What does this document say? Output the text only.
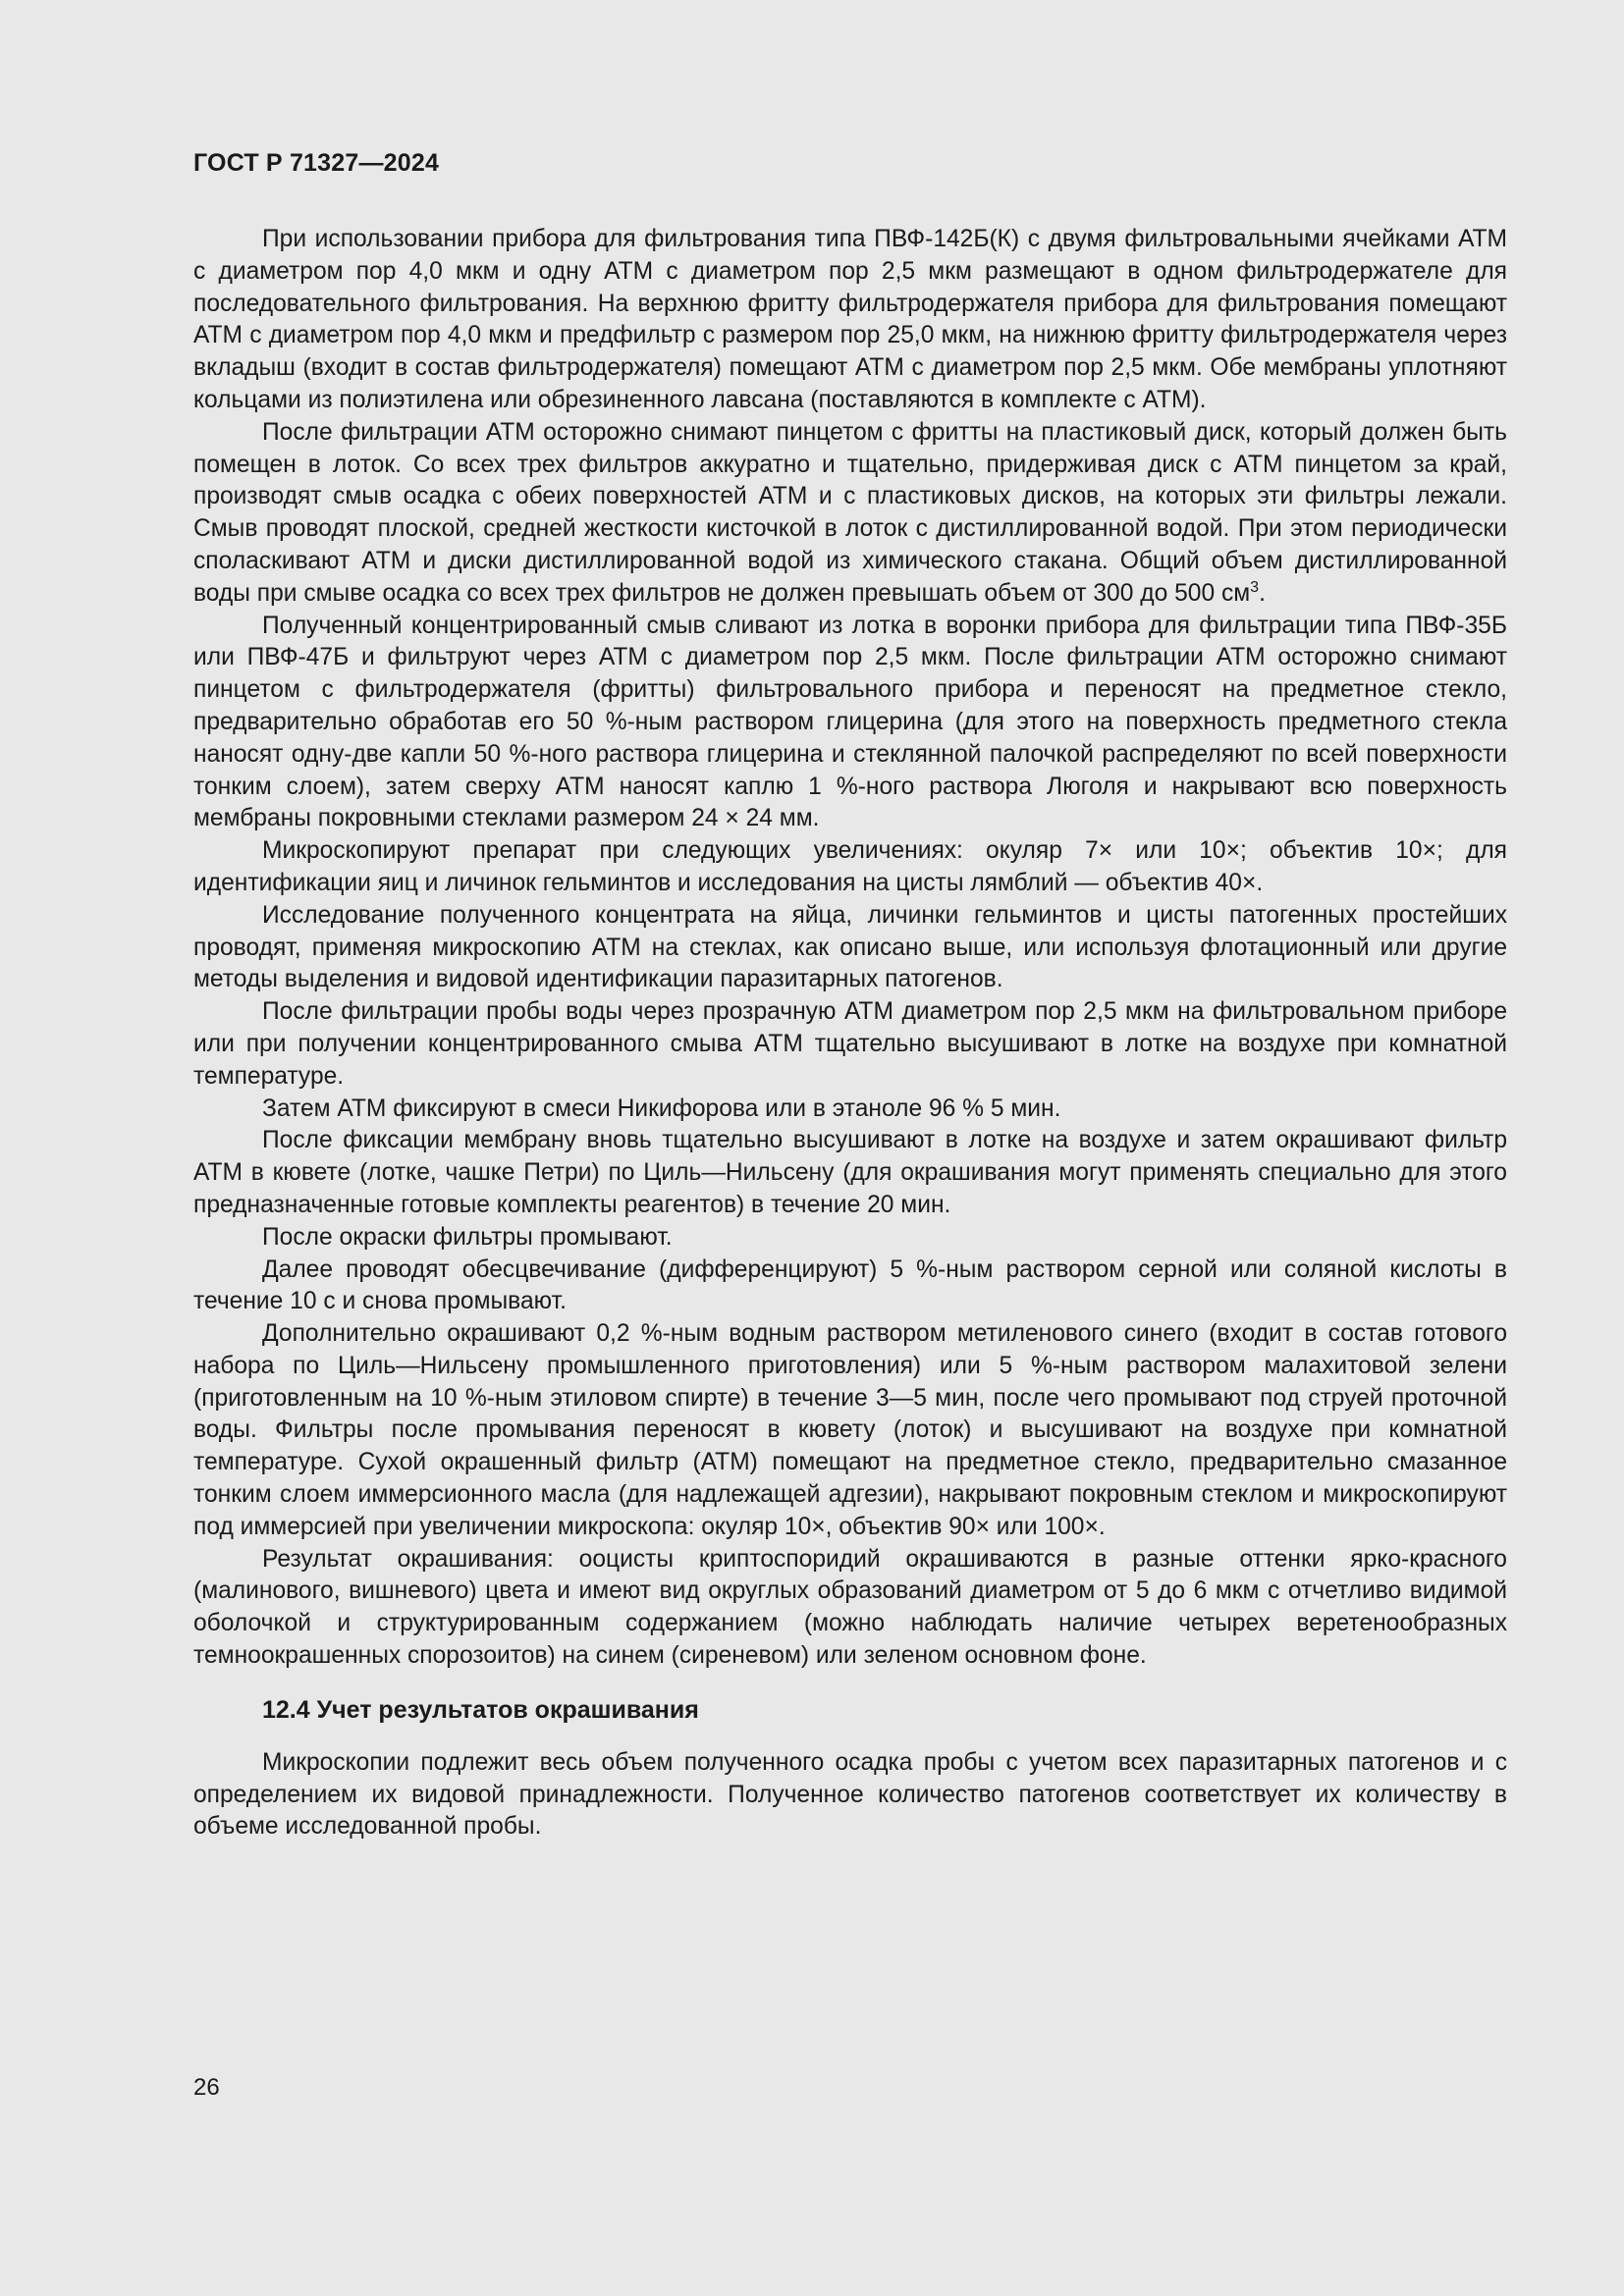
ГОСТ Р 71327—2024

При использовании прибора для фильтрования типа ПВФ-142Б(К) с двумя фильтровальными ячейками АТМ с диаметром пор 4,0 мкм и одну АТМ с диаметром пор 2,5 мкм размещают в одном фильтродержателе для последовательного фильтрования. На верхнюю фритту фильтродержателя прибора для фильтрования помещают АТМ с диаметром пор 4,0 мкм и предфильтр с размером пор 25,0 мкм, на нижнюю фритту фильтродержателя через вкладыш (входит в состав фильтродержателя) помещают АТМ с диаметром пор 2,5 мкм. Обе мембраны уплотняют кольцами из полиэтилена или обрезиненного лавсана (поставляются в комплекте с АТМ).

После фильтрации АТМ осторожно снимают пинцетом с фритты на пластиковый диск, который должен быть помещен в лоток. Со всех трех фильтров аккуратно и тщательно, придерживая диск с АТМ пинцетом за край, производят смыв осадка с обеих поверхностей АТМ и с пластиковых дисков, на которых эти фильтры лежали. Смыв проводят плоской, средней жесткости кисточкой в лоток с дистиллированной водой. При этом периодически споласкивают АТМ и диски дистиллированной водой из химического стакана. Общий объем дистиллированной воды при смыве осадка со всех трех фильтров не должен превышать объем от 300 до 500 $см^3$.

Полученный концентрированный смыв сливают из лотка в воронки прибора для фильтрации типа ПВФ-35Б или ПВФ-47Б и фильтруют через АТМ с диаметром пор 2,5 мкм. После фильтрации АТМ осторожно снимают пинцетом с фильтродержателя (фритты) фильтровального прибора и переносят на предметное стекло, предварительно обработав его 50 %-ным раствором глицерина (для этого на поверхность предметного стекла наносят одну-две капли 50 %-ного раствора глицерина и стеклянной палочкой распределяют по всей поверхности тонким слоем), затем сверху АТМ наносят каплю 1 %-ного раствора Люголя и накрывают всю поверхность мембраны покровными стеклами размером 24 × 24 мм.

Микроскопируют препарат при следующих увеличениях: окуляр 7× или 10×; объектив 10×; для идентификации яиц и личинок гельминтов и исследования на цисты лямблий — объектив 40×.

Исследование полученного концентрата на яйца, личинки гельминтов и цисты патогенных простейших проводят, применяя микроскопию АТМ на стеклах, как описано выше, или используя флотационный или другие методы выделения и видовой идентификации паразитарных патогенов.

После фильтрации пробы воды через прозрачную АТМ диаметром пор 2,5 мкм на фильтровальном приборе или при получении концентрированного смыва АТМ тщательно высушивают в лотке на воздухе при комнатной температуре.

Затем АТМ фиксируют в смеси Никифорова или в этаноле 96 % 5 мин.

После фиксации мембрану вновь тщательно высушивают в лотке на воздухе и затем окрашивают фильтр АТМ в кювете (лотке, чашке Петри) по Циль—Нильсену (для окрашивания могут применять специально для этого предназначенные готовые комплекты реагентов) в течение 20 мин.

После окраски фильтры промывают.

Далее проводят обесцвечивание (дифференцируют) 5 %-ным раствором серной или соляной кислоты в течение 10 с и снова промывают.

Дополнительно окрашивают 0,2 %-ным водным раствором метиленового синего (входит в состав готового набора по Циль—Нильсену промышленного приготовления) или 5 %-ным раствором малахитовой зелени (приготовленным на 10 %-ным этиловом спирте) в течение 3—5 мин, после чего промывают под струей проточной воды. Фильтры после промывания переносят в кювету (лоток) и высушивают на воздухе при комнатной температуре. Сухой окрашенный фильтр (АТМ) помещают на предметное стекло, предварительно смазанное тонким слоем иммерсионного масла (для надлежащей адгезии), накрывают покровным стеклом и микроскопируют под иммерсией при увеличении микроскопа: окуляр 10×, объектив 90× или 100×.

Результат окрашивания: ооцисты криптоспоридий окрашиваются в разные оттенки ярко-красного (малинового, вишневого) цвета и имеют вид округлых образований диаметром от 5 до 6 мкм с отчетливо видимой оболочкой и структурированным содержанием (можно наблюдать наличие четырех веретенообразных темноокрашенных спорозоитов) на синем (сиреневом) или зеленом основном фоне.

12.4 Учет результатов окрашивания

Микроскопии подлежит весь объем полученного осадка пробы с учетом всех паразитарных патогенов и с определением их видовой принадлежности. Полученное количество патогенов соответствует их количеству в объеме исследованной пробы.

26
